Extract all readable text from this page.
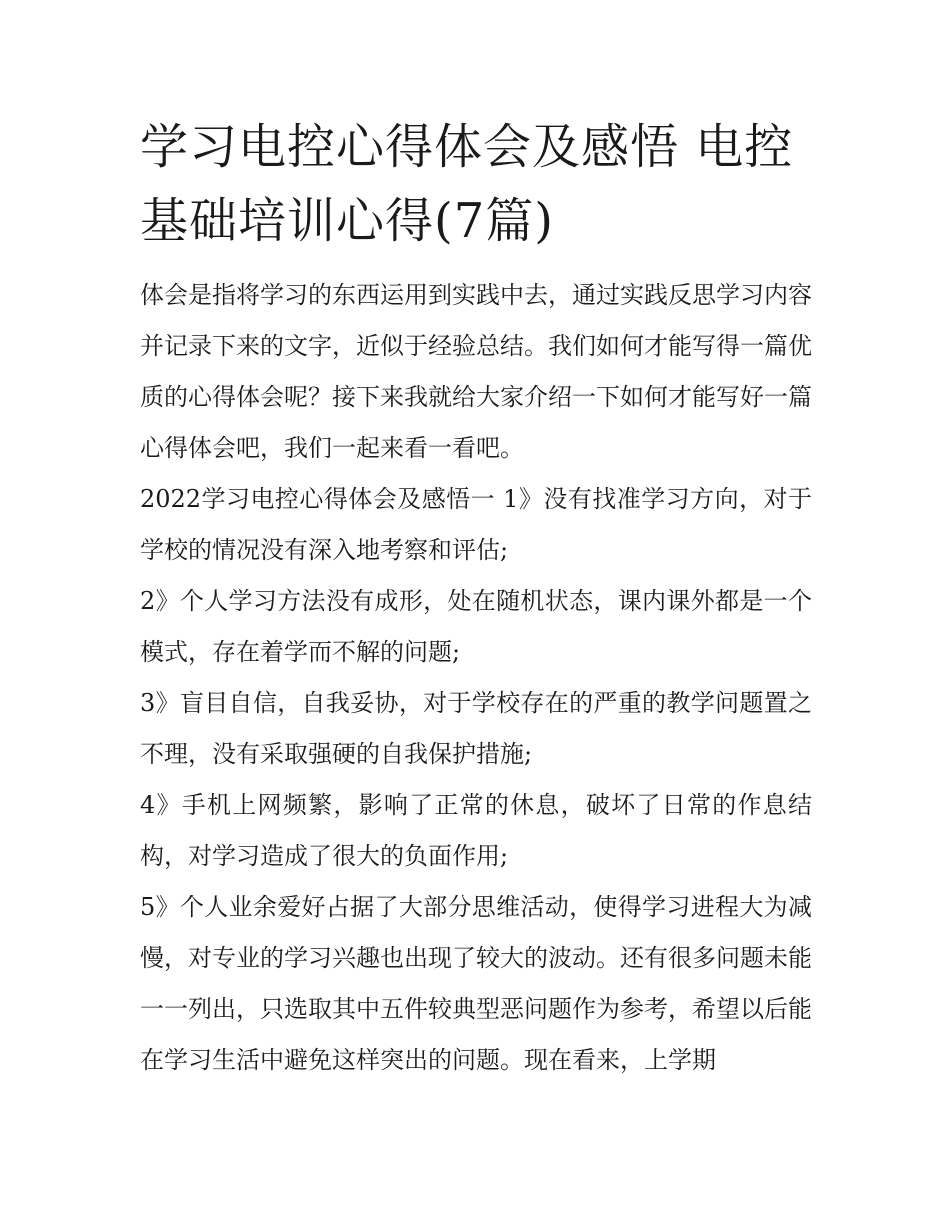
学习电控心得体会及感悟 电控基础培训心得(7篇)

体会是指将学习的东西运用到实践中去，通过实践反思学习内容并记录下来的文字，近似于经验总结。我们如何才能写得一篇优质的心得体会呢？接下来我就给大家介绍一下如何才能写好一篇心得体会吧，我们一起来看一看吧。

2022学习电控心得体会及感悟一 1》没有找准学习方向，对于学校的情况没有深入地考察和评估;

2》个人学习方法没有成形，处在随机状态，课内课外都是一个模式，存在着学而不解的问题;

3》盲目自信，自我妥协，对于学校存在的严重的教学问题置之不理，没有采取强硬的自我保护措施;

4》手机上网频繁，影响了正常的休息，破坏了日常的作息结构，对学习造成了很大的负面作用;

5》个人业余爱好占据了大部分思维活动，使得学习进程大为减慢，对专业的学习兴趣也出现了较大的波动。还有很多问题未能一一列出，只选取其中五件较典型恶问题作为参考，希望以后能在学习生活中避免这样突出的问题。现在看来，上学期
